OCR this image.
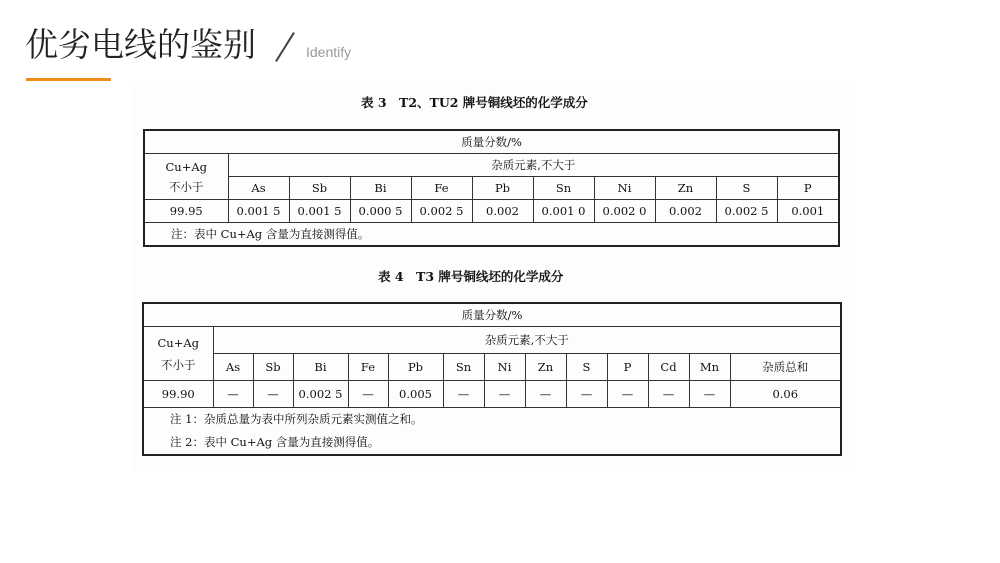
优劣电线的鉴别	Identify
表 3　T2、TU2 牌号铜线坯的化学成分
质量分数/%										

Cu+Ag
不小于	杂质元素,不大于									
	As	Sb	Bi	Fe	Pb	Sn	Ni	Zn	S	P
99.95	0.001 5	0.001 5	0.000 5	0.002 5	0.002	0.001 0	0.002 0	0.002	0.002 5	0.001
注：表中 Cu+Ag 含量为直接测得值。										
表 4　T3 牌号铜线坯的化学成分
质量分数/%													

Cu+Ag
不小于	杂质元素,不大于												
	As	Sb	Bi	Fe	Pb	Sn	Ni	Zn	S	P	Cd	Mn	杂质总和
99.90	—	—	0.002 5	—	0.005	—	—	—	—	—	—	—	0.06

注 1：杂质总量为表中所列杂质元素实测值之和。
注 2：表中 Cu+Ag 含量为直接测得值。													
